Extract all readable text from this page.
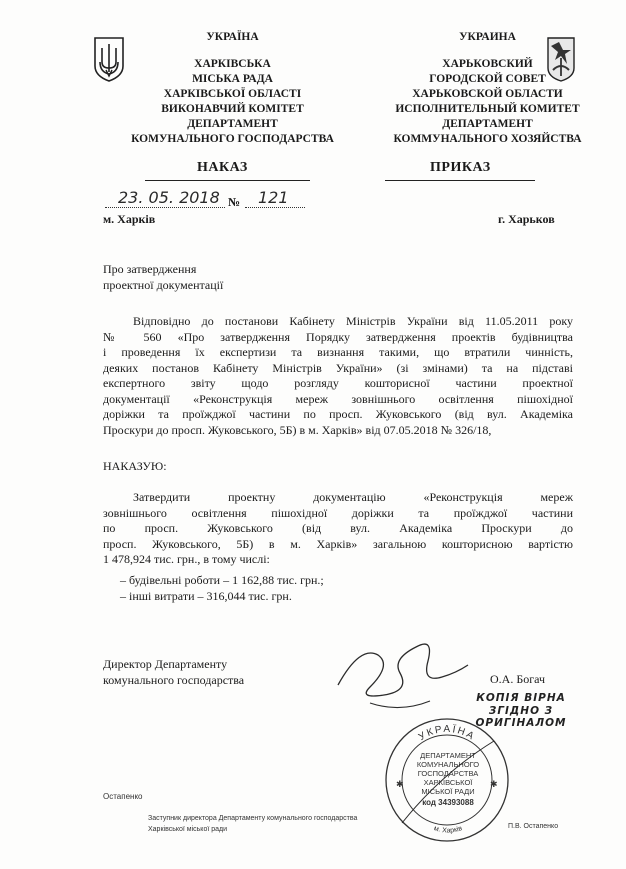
УКРАЇНА
ХАРКІВСЬКА
МІСЬКА РАДА
ХАРКІВСЬКОЇ ОБЛАСТІ
ВИКОНАВЧИЙ КОМІТЕТ
ДЕПАРТАМЕНТ
КОМУНАЛЬНОГО ГОСПОДАРСТВА
УКРАИНА
ХАРЬКОВСКИЙ
ГОРОДСКОЙ СОВЕТ
ХАРЬКОВСКОЙ ОБЛАСТИ
ИСПОЛНИТЕЛЬНЫЙ КОМИТЕТ
ДЕПАРТАМЕНТ
КОММУНАЛЬНОГО ХОЗЯЙСТВА
НАКАЗ	ПРИКАЗ
23. 05. 2018 № 121
м. Харків	г. Харьков
Про затвердження
проектної документації
Відповідно до постанови Кабінету Міністрів України від 11.05.2011 року
№ 560 «Про затвердження Порядку затвердження проектів будівництва
і проведення їх експертизи та визнання такими, що втратили чинність,
деяких постанов Кабінету Міністрів України» (зі змінами) та на підставі
експертного звіту щодо розгляду кошторисної частини проектної
документації «Реконструкція мереж зовнішнього освітлення пішохідної
доріжки та проїжджої частини по просп. Жуковського (від вул. Академіка
Проскури до просп. Жуковського, 5Б) в м. Харків» від 07.05.2018 № 326/18,
НАКАЗУЮ:
Затвердити проектну документацію «Реконструкція мереж
зовнішнього освітлення пішохідної доріжки та проїжджої частини
по просп. Жуковського (від вул. Академіка Проскури до
просп. Жуковського, 5Б) в м. Харків» загальною кошторисною вартістю
1 478,924 тис. грн., в тому числі:
– будівельні роботи – 1 162,88 тис. грн.;
– інші витрати – 316,044 тис. грн.
Директор Департаменту
комунального господарства	О.А. Богач
КОПІЯ ВІРНА
ЗГІДНО З
ОРИГІНАЛОМ
УКРАЇНА
м. Харків
ДЕПАРТАМЕНТ
КОМУНАЛЬНОГО
ГОСПОДАРСТВА
ХАРКІВСЬКОЇ
МІСЬКОЇ РАДИ
код 34393088
✱	✱
Остапенко
Заступник директора Департаменту комунального господарства
Харківської міської ради	П.В. Остапенко
